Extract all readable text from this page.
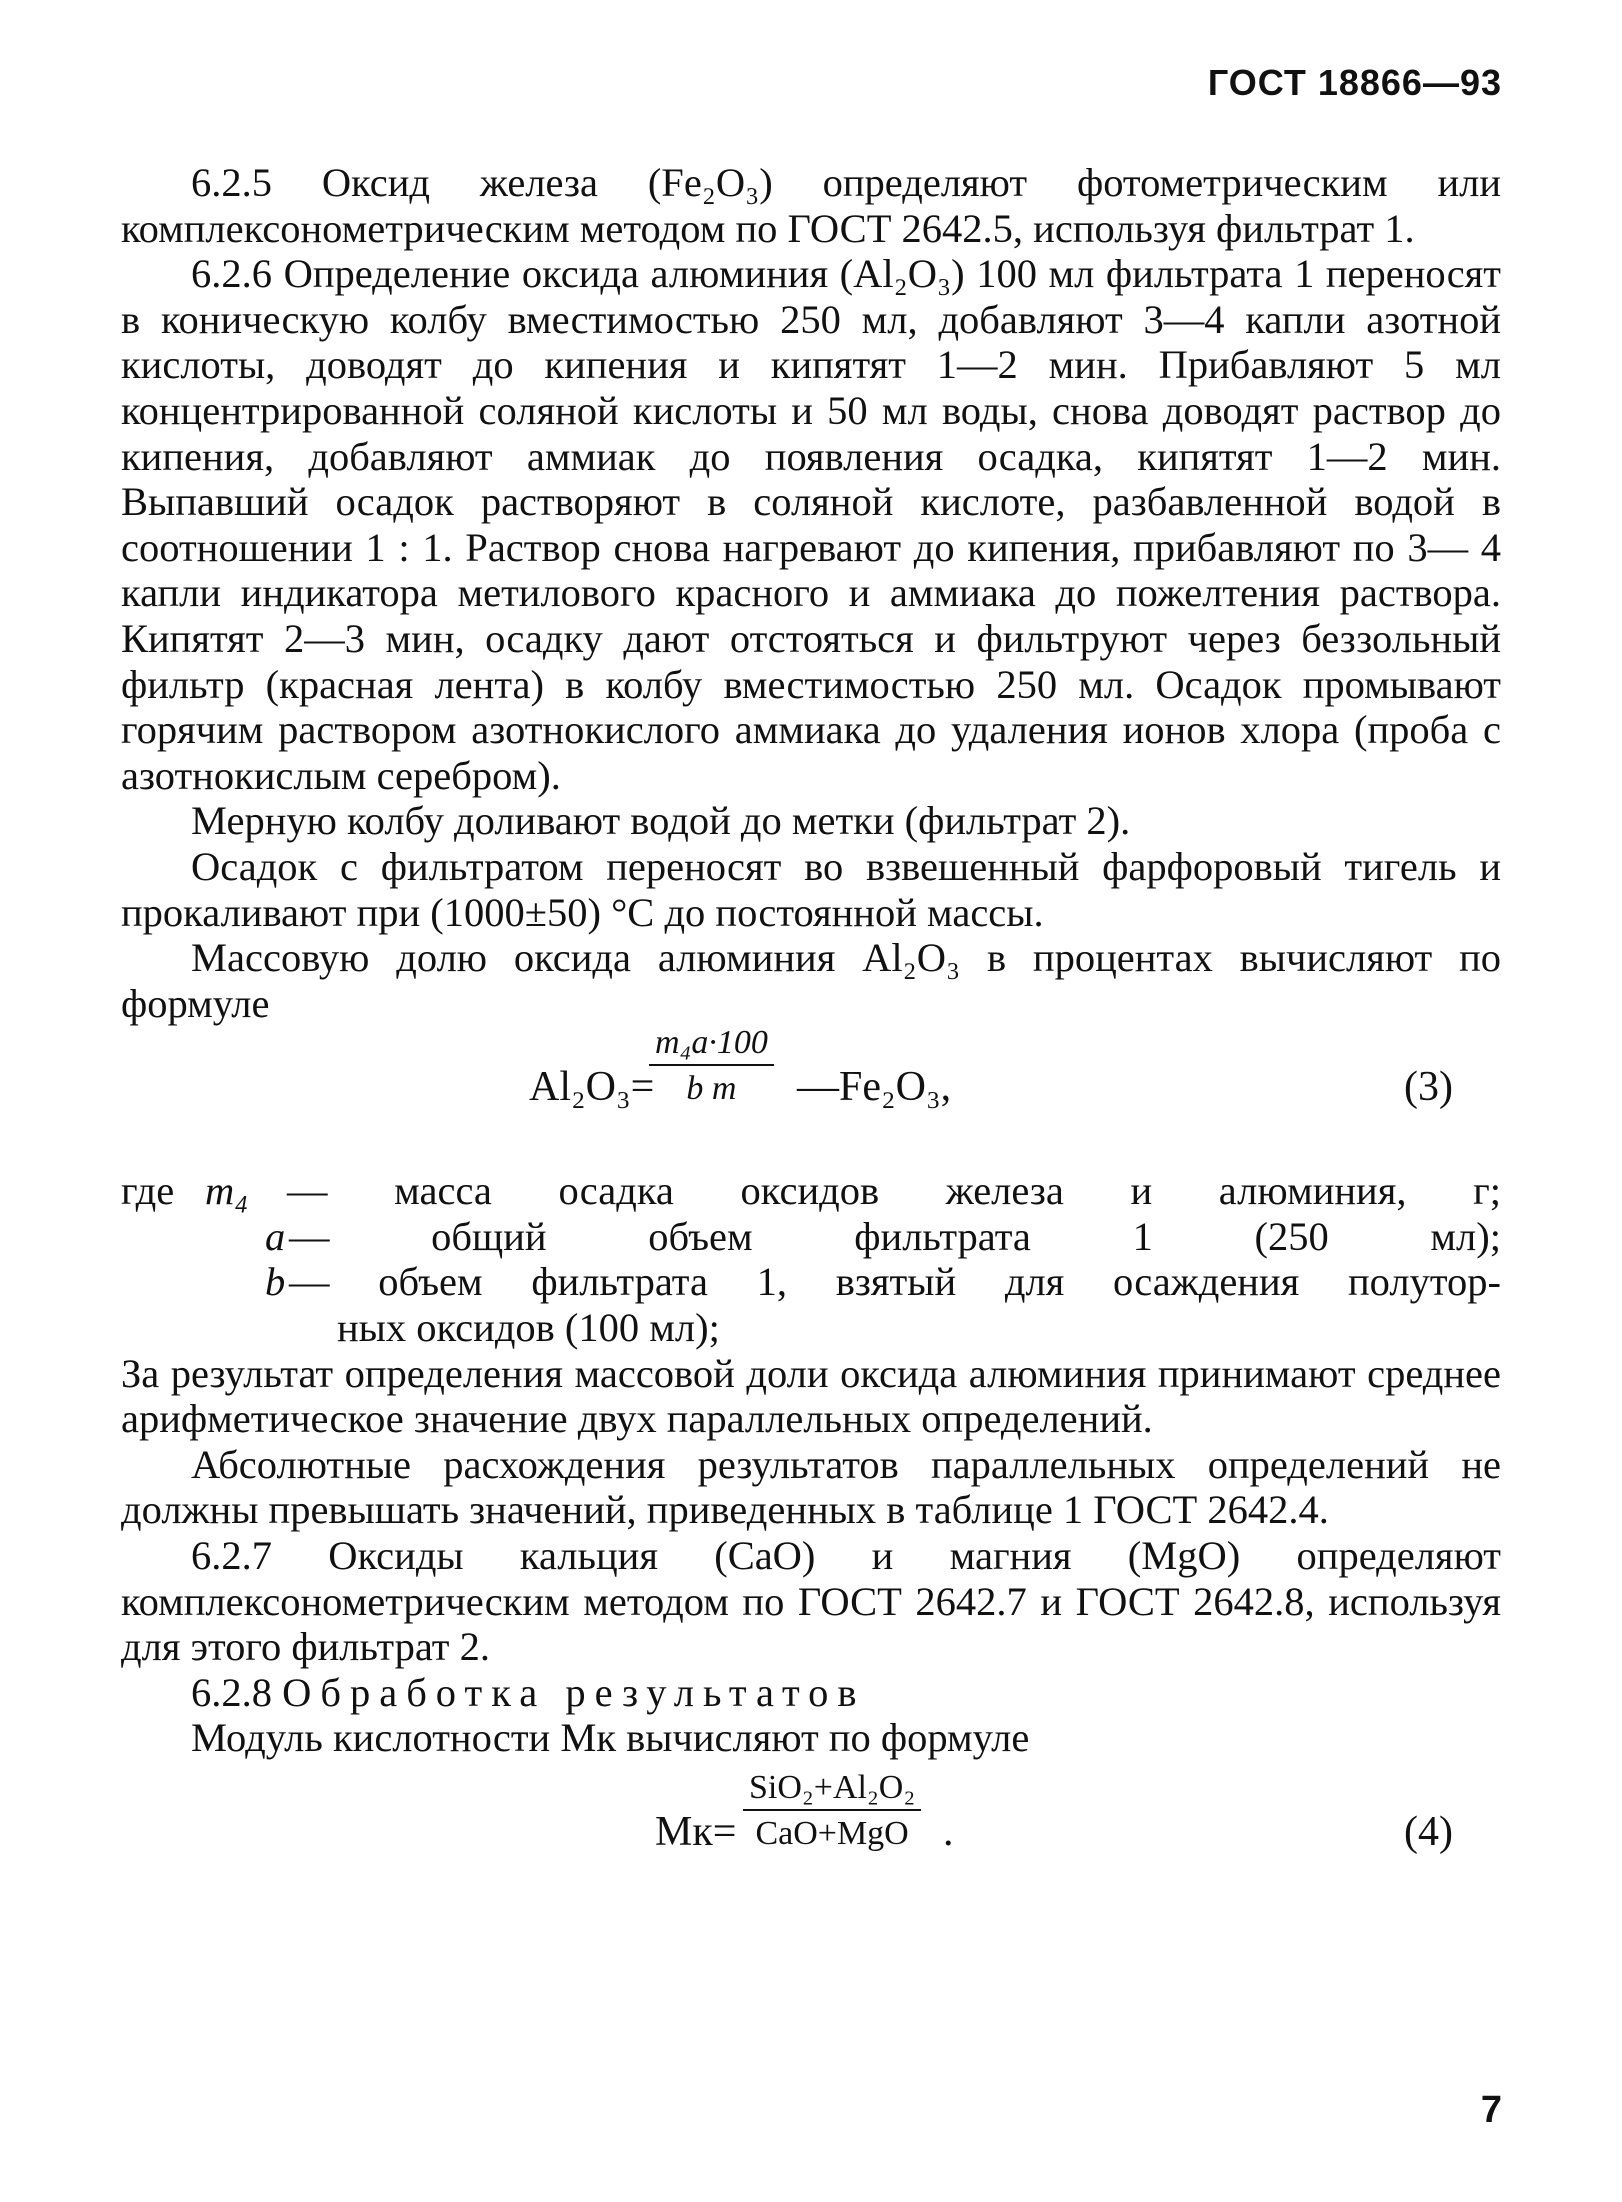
ГОСТ 18866—93

6.2.5 Оксид железа (Fe₂O₃) определяют фотометрическим или комплексонометрическим методом по ГОСТ 2642.5, используя фильтрат 1.

6.2.6 Определение оксида алюминия (Al₂O₃) 100 мл фильтрата 1 переносят в коническую колбу вместимостью 250 мл, добавляют 3—4 капли азотной кислоты, доводят до кипения и кипятят 1—2 мин. Прибавляют 5 мл концентрированной соляной кислоты и 50 мл воды, снова доводят раствор до кипения, добавляют аммиак до появления осадка, кипятят 1—2 мин. Выпавший осадок растворяют в соляной кислоте, разбавленной водой в соотношении 1 : 1. Раствор снова нагревают до кипения, прибавляют по 3— 4 капли индикатора метилового красного и аммиака до пожелтения раствора. Кипятят 2—3 мин, осадку дают отстояться и фильтруют через беззольный фильтр (красная лента) в колбу вместимостью 250 мл. Осадок промывают горячим раствором азотнокислого аммиака до удаления ионов хлора (проба с азотнокислым серебром).

Мерную колбу доливают водой до метки (фильтрат 2).

Осадок с фильтратом переносят во взвешенный фарфоровый тигель и прокаливают при (1000±50) °С до постоянной массы.

Массовую долю оксида алюминия Al₂O₃ в процентах вычисляют по формуле

Al₂O₃=
$\frac{\text{m₄a·100}}{\text{b m}}$ —Fe₂O₃,	(3)
где m₄ — масса осадка оксидов железа и алюминия, г;
a — общий объем фильтрата 1 (250 мл);
b — объем фильтрата 1, взятый для осаждения полутор-
ных оксидов (100 мл);

За результат определения массовой доли оксида алюминия принимают среднее арифметическое значение двух параллельных определений.

Абсолютные расхождения результатов параллельных определений не должны превышать значений, приведенных в таблице 1 ГОСТ 2642.4.

6.2.7 Оксиды кальция (CaO) и магния (MgO) определяют комплексонометрическим методом по ГОСТ 2642.7 и ГОСТ 2642.8, используя для этого фильтрат 2.

6.2.8 Обработка результатов

Модуль кислотности Mк вычисляют по формуле

Mк=
SiO₂+Al₂O₂
CaO+MgO .	(4)
7
